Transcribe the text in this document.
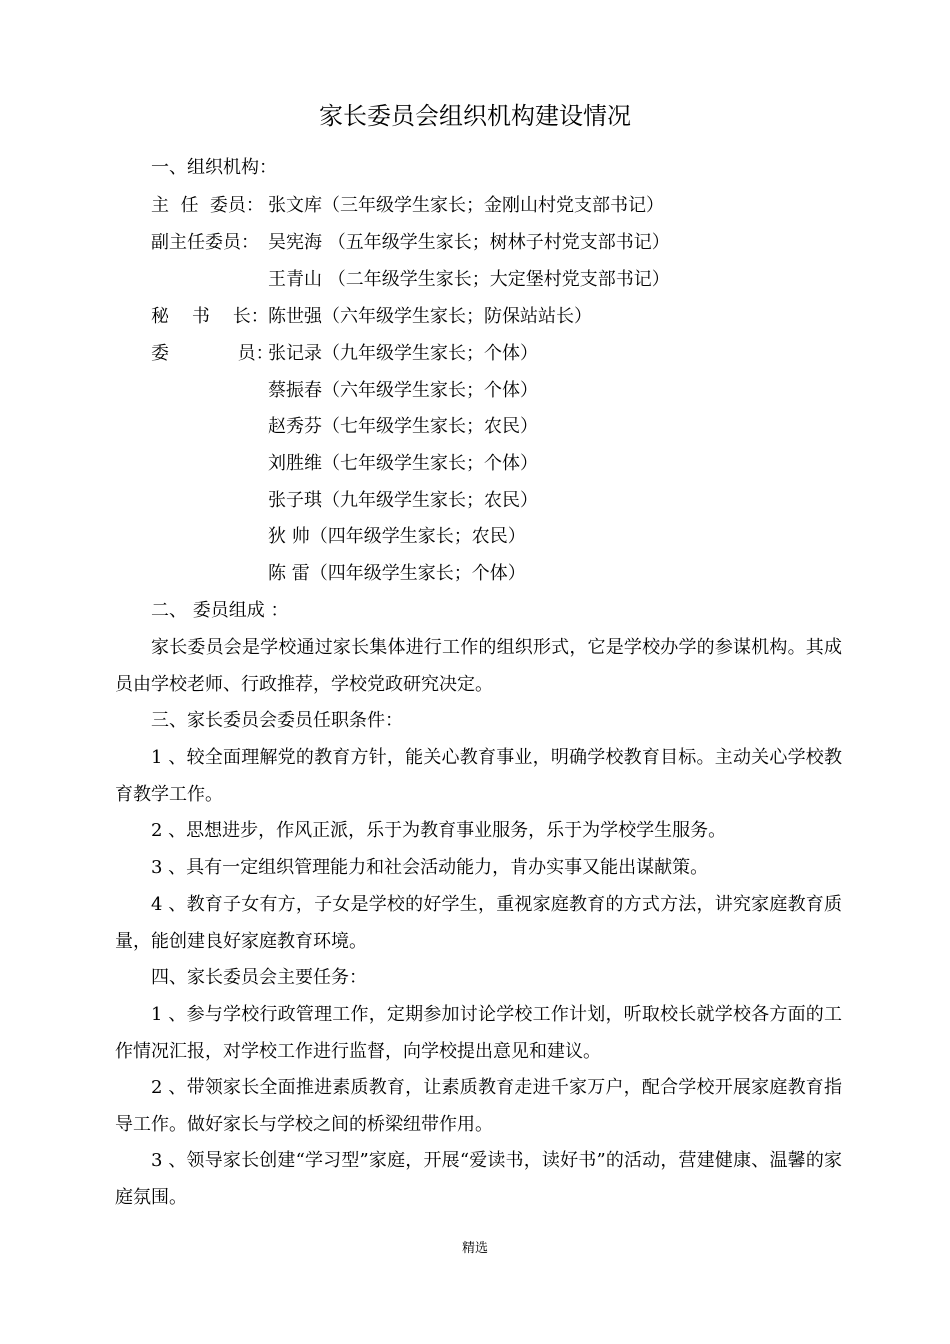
家长委员会组织机构建设情况
一、组织机构：
主  任  委员： 张文库（三年级学生家长；金刚山村党支部书记）
副主任委员： 吴宪海 （五年级学生家长；树林子村党支部书记）
王青山 （二年级学生家长；大定堡村党支部书记）
秘    书    长：陈世强（六年级学生家长；防保站站长）
委            员：张记录（九年级学生家长；个体）
蔡振春（六年级学生家长；个体）
赵秀芬（七年级学生家长；农民）
刘胜维（七年级学生家长；个体）
张子琪（九年级学生家长；农民）
狄 帅（四年级学生家长；农民）
陈 雷（四年级学生家长；个体）
二、 委员组成 ：
家长委员会是学校通过家长集体进行工作的组织形式，它是学校办学的参谋机构。其成员由学校老师、行政推荐，学校党政研究决定。
三、家长委员会委员任职条件：
1 、较全面理解党的教育方针，能关心教育事业，明确学校教育目标。主动关心学校教育教学工作。
2 、思想进步，作风正派，乐于为教育事业服务，乐于为学校学生服务。
3 、具有一定组织管理能力和社会活动能力，肯办实事又能出谋献策。
4 、教育子女有方，子女是学校的好学生，重视家庭教育的方式方法，讲究家庭教育质量，能创建良好家庭教育环境。
四、家长委员会主要任务：
1 、参与学校行政管理工作，定期参加讨论学校工作计划，听取校长就学校各方面的工作情况汇报，对学校工作进行监督，向学校提出意见和建议。
2 、带领家长全面推进素质教育，让素质教育走进千家万户，配合学校开展家庭教育指导工作。做好家长与学校之间的桥梁纽带作用。
3 、领导家长创建“学习型”家庭，开展“爱读书，读好书”的活动，营建健康、温馨的家庭氛围。
精选
